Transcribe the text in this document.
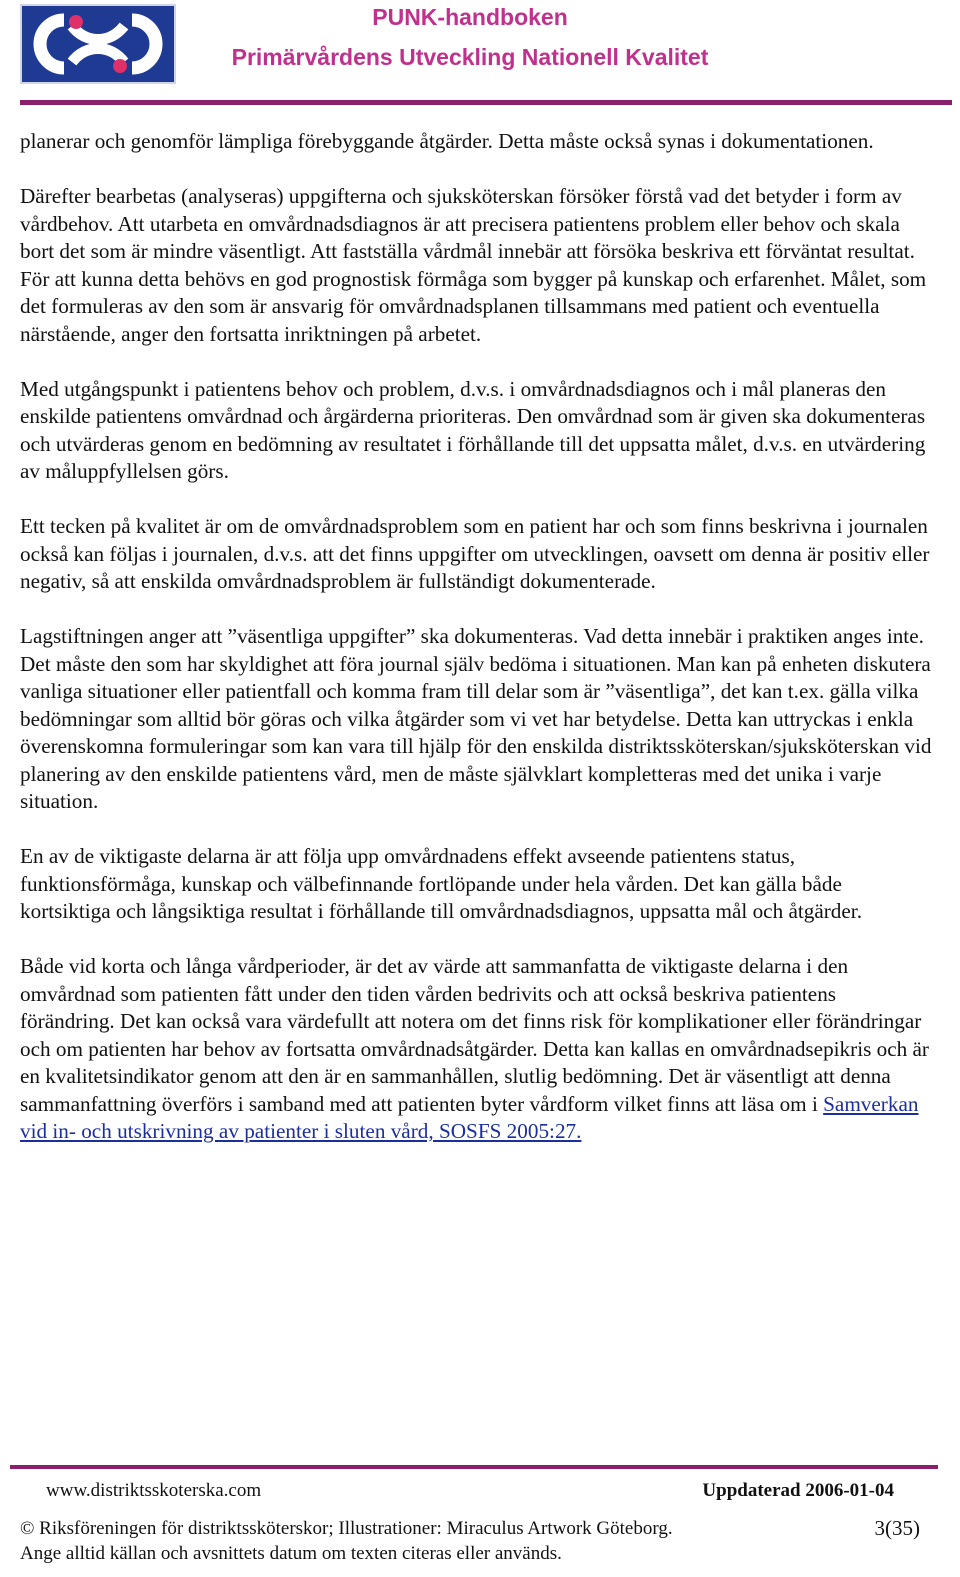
PUNK-handboken
Primärvårdens Utveckling Nationell Kvalitet

planerar och genomför lämpliga förebyggande åtgärder. Detta måste också synas i dokumentationen.

Därefter bearbetas (analyseras) uppgifterna och sjuksköterskan försöker förstå vad det betyder i form av vårdbehov. Att utarbeta en omvårdnadsdiagnos är att precisera patientens problem eller behov och skala bort det som är mindre väsentligt. Att fastställa vårdmål innebär att försöka beskriva ett förväntat resultat. För att kunna detta behövs en god prognostisk förmåga som bygger på kunskap och erfarenhet. Målet, som det formuleras av den som är ansvarig för omvårdnadsplanen tillsammans med patient och eventuella närstående, anger den fortsatta inriktningen på arbetet.

Med utgångspunkt i patientens behov och problem, d.v.s. i omvårdnadsdiagnos och i mål planeras den enskilde patientens omvårdnad och årgärderna prioriteras. Den omvårdnad som är given ska dokumenteras och utvärderas genom en bedömning av resultatet i förhållande till det uppsatta målet, d.v.s. en utvärdering av måluppfyllelsen görs.

Ett tecken på kvalitet är om de omvårdnadsproblem som en patient har och som finns beskrivna i journalen också kan följas i journalen, d.v.s. att det finns uppgifter om utvecklingen, oavsett om denna är positiv eller negativ, så att enskilda omvårdnadsproblem är fullständigt dokumenterade.

Lagstiftningen anger att ”väsentliga uppgifter” ska dokumenteras. Vad detta innebär i praktiken anges inte. Det måste den som har skyldighet att föra journal själv bedöma i situationen. Man kan på enheten diskutera vanliga situationer eller patientfall och komma fram till delar som är ”väsentliga”, det kan t.ex. gälla vilka bedömningar som alltid bör göras och vilka åtgärder som vi vet har betydelse. Detta kan uttryckas i enkla överenskomna formuleringar som kan vara till hjälp för den enskilda distriktssköterskan/sjuksköterskan vid planering av den enskilde patientens vård, men de måste självklart kompletteras med det unika i varje situation.

En av de viktigaste delarna är att följa upp omvårdnadens effekt avseende patientens status, funktionsförmåga, kunskap och välbefinnande fortlöpande under hela vården. Det kan gälla både kortsiktiga och långsiktiga resultat i förhållande till omvårdnadsdiagnos, uppsatta mål och åtgärder.

Både vid korta och långa vårdperioder, är det av värde att sammanfatta de viktigaste delarna i den omvårdnad som patienten fått under den tiden vården bedrivits och att också beskriva patientens förändring. Det kan också vara värdefullt att notera om det finns risk för komplikationer eller förändringar och om patienten har behov av fortsatta omvårdnadsåtgärder. Detta kan kallas en omvårdnadsepikris och är en kvalitetsindikator genom att den är en sammanhållen, slutlig bedömning. Det är väsentligt att denna sammanfattning överförs i samband med att patienten byter vårdform vilket finns att läsa om i Samverkan vid in- och utskrivning av patienter i sluten vård, SOSFS 2005:27.

www.distriktsskoterska.com	Uppdaterad 2006-01-04
© Riksföreningen för distriktssköterskor; Illustrationer: Miraculus Artwork Göteborg.	3(35)
Ange alltid källan och avsnittets datum om texten citeras eller används.
